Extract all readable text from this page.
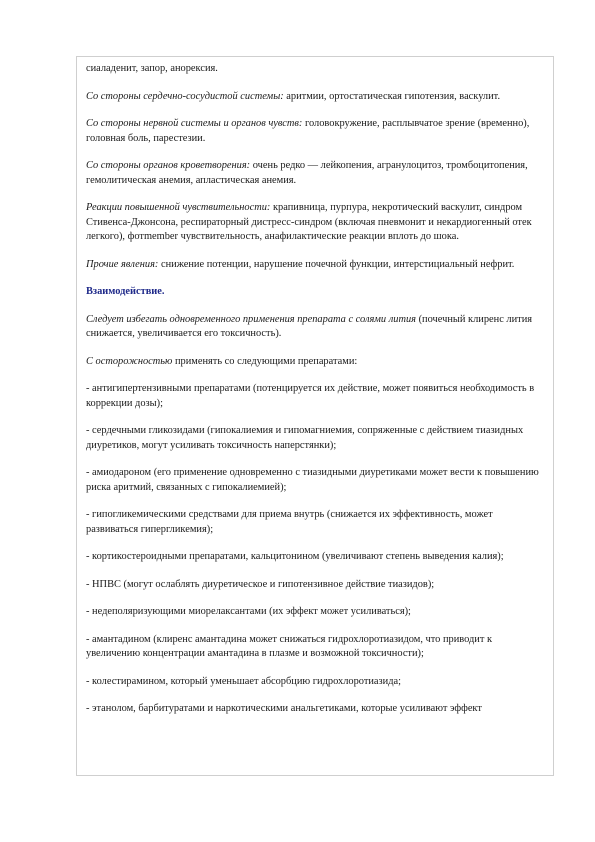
сиаладенит, запор, анорексия.

Со стороны сердечно-сосудистой системы: аритмии, ортостатическая гипотензия, васкулит.

Со стороны нервной системы и органов чувств: головокружение, расплывчатое зрение (временно), головная боль, парестезии.

Со стороны органов кроветворения: очень редко — лейкопения, агранулоцитоз, тромбоцитопения, гемолитическая анемия, апластическая анемия.

Реакции повышенной чувствительности: крапивница, пурпура, некротический васкулит, синдром Стивенса-Джонсона, респираторный дистресс-синдром (включая пневмонит и некардиогенный отек легкого), фотmember чувствительность, анафилактические реакции вплоть до шока.

Прочие явления: снижение потенции, нарушение почечной функции, интерстициальный нефрит.

Взаимодействие.

Следует избегать одновременного применения препарата с солями лития (почечный клиренс лития снижается, увеличивается его токсичность).

С осторожностью применять со следующими препаратами:

- антигипертензивными препаратами (потенцируется их действие, может появиться необходимость в коррекции дозы);

- сердечными гликозидами (гипокалиемия и гипомагниемия, сопряженные с действием тиазидных диуретиков, могут усиливать токсичность наперстянки);

- амиодароном (его применение одновременно с тиазидными диуретиками может вести к повышению риска аритмий, связанных с гипокалиемией);

- гипогликемическими средствами для приема внутрь (снижается их эффективность, может развиваться гипергликемия);

- кортикостероидными препаратами, кальцитонином (увеличивают степень выведения калия);

- НПВС (могут ослаблять диуретическое и гипотензивное действие тиазидов);

- недеполяризующими миорелаксантами (их эффект может усиливаться);

- амантадином (клиренс амантадина может снижаться гидрохлоротиазидом, что приводит к увеличению концентрации амантадина в плазме и возможной токсичности);

- колестирамином, который уменьшает абсорбцию гидрохлоротиазида;

- этанолом, барбитуратами и наркотическими анальгетиками, которые усиливают эффект
